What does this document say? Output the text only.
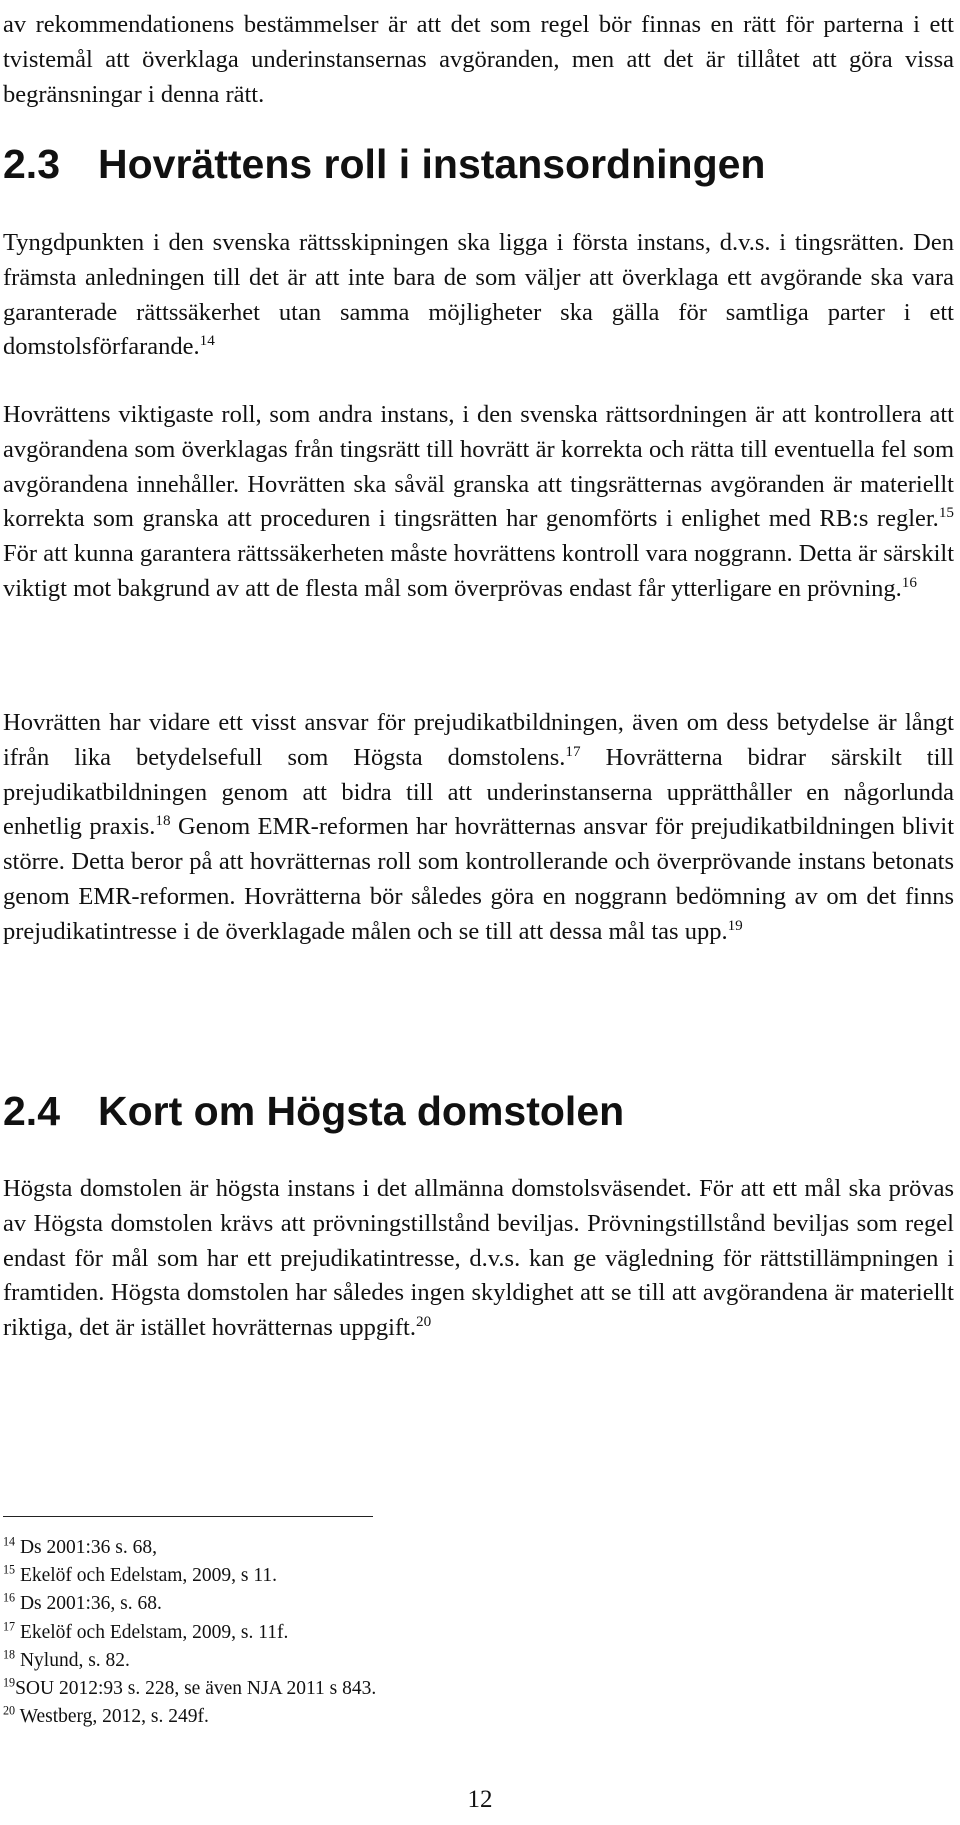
av rekommendationens bestämmelser är att det som regel bör finnas en rätt för parterna i ett tvistemål att överklaga underinstansernas avgöranden, men att det är tillåtet att göra vissa begränsningar i denna rätt.

2.3 Hovrättens roll i instansordningen

Tyngdpunkten i den svenska rättsskipningen ska ligga i första instans, d.v.s. i tingsrätten. Den främsta anledningen till det är att inte bara de som väljer att överklaga ett avgörande ska vara garanterade rättssäkerhet utan samma möjligheter ska gälla för samtliga parter i ett domstolsförfarande.$^{14}$

Hovrättens viktigaste roll, som andra instans, i den svenska rättsordningen är att kontrollera att avgörandena som överklagas från tingsrätt till hovrätt är korrekta och rätta till eventuella fel som avgörandena innehåller. Hovrätten ska såväl granska att tingsrätternas avgöranden är materiellt korrekta som granska att proceduren i tingsrätten har genomförts i enlighet med RB:s regler.$^{15}$ För att kunna garantera rättssäkerheten måste hovrättens kontroll vara noggrann. Detta är särskilt viktigt mot bakgrund av att de flesta mål som överprövas endast får ytterligare en prövning.$^{16}$

Hovrätten har vidare ett visst ansvar för prejudikatbildningen, även om dess betydelse är långt ifrån lika betydelsefull som Högsta domstolens.$^{17}$ Hovrätterna bidrar särskilt till prejudikatbildningen genom att bidra till att underinstanserna upprätthåller en någorlunda enhetlig praxis.$^{18}$ Genom EMR-reformen har hovrätternas ansvar för prejudikatbildningen blivit större. Detta beror på att hovrätternas roll som kontrollerande och överprövande instans betonats genom EMR-reformen. Hovrätterna bör således göra en noggrann bedömning av om det finns prejudikatintresse i de överklagade målen och se till att dessa mål tas upp.$^{19}$

2.4 Kort om Högsta domstolen

Högsta domstolen är högsta instans i det allmänna domstolsväsendet. För att ett mål ska prövas av Högsta domstolen krävs att prövningstillstånd beviljas. Prövningstillstånd beviljas som regel endast för mål som har ett prejudikatintresse, d.v.s. kan ge vägledning för rättstillämpningen i framtiden. Högsta domstolen har således ingen skyldighet att se till att avgörandena är materiellt riktiga, det är istället hovrätternas uppgift.$^{20}$

$^{14}$ Ds 2001:36 s. 68,
$^{15}$ Ekelöf och Edelstam, 2009, s 11.
$^{16}$ Ds 2001:36, s. 68.
$^{17}$ Ekelöf och Edelstam, 2009, s. 11f.
$^{18}$ Nylund, s. 82.
$^{19}$SOU 2012:93 s. 228, se även NJA 2011 s 843.
$^{20}$ Westberg, 2012, s. 249f.
12
